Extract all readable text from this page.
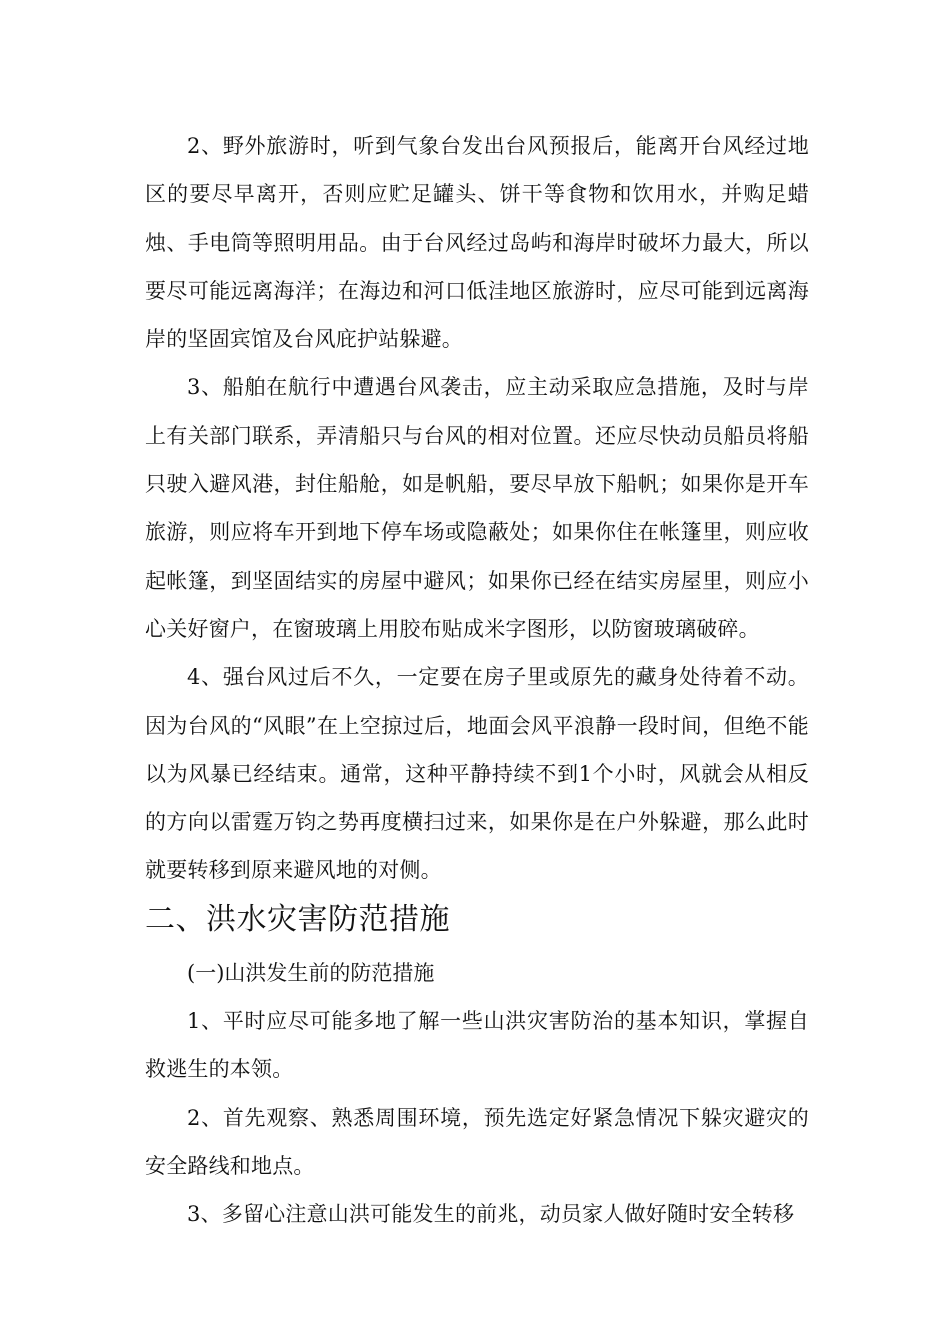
2、野外旅游时，听到气象台发出台风预报后，能离开台风经过地区的要尽早离开，否则应贮足罐头、饼干等食物和饮用水，并购足蜡烛、手电筒等照明用品。由于台风经过岛屿和海岸时破坏力最大，所以要尽可能远离海洋；在海边和河口低洼地区旅游时，应尽可能到远离海岸的坚固宾馆及台风庇护站躲避。

3、船舶在航行中遭遇台风袭击，应主动采取应急措施，及时与岸上有关部门联系，弄清船只与台风的相对位置。还应尽快动员船员将船只驶入避风港，封住船舱，如是帆船，要尽早放下船帆；如果你是开车旅游，则应将车开到地下停车场或隐蔽处；如果你住在帐篷里，则应收起帐篷，到坚固结实的房屋中避风；如果你已经在结实房屋里，则应小心关好窗户，在窗玻璃上用胶布贴成米字图形，以防窗玻璃破碎。

4、强台风过后不久，一定要在房子里或原先的藏身处待着不动。因为台风的“风眼”在上空掠过后，地面会风平浪静一段时间，但绝不能以为风暴已经结束。通常，这种平静持续不到1个小时，风就会从相反的方向以雷霆万钧之势再度横扫过来，如果你是在户外躲避，那么此时就要转移到原来避风地的对侧。

二、洪水灾害防范措施

(一)山洪发生前的防范措施

1、平时应尽可能多地了解一些山洪灾害防治的基本知识，掌握自救逃生的本领。

2、首先观察、熟悉周围环境，预先选定好紧急情况下躲灾避灾的安全路线和地点。

3、多留心注意山洪可能发生的前兆，动员家人做好随时安全转移
